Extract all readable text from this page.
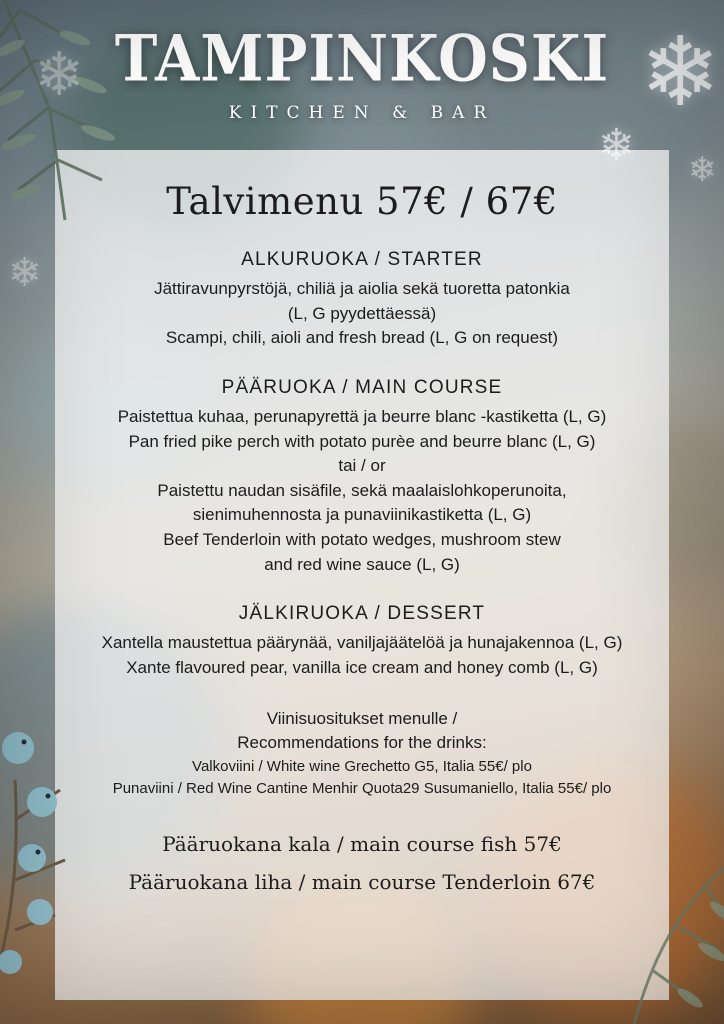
❄
❄ ❄
❄
❄ TAMPINKOSKI
KITCHEN & BAR
Talvimenu 57€ / 67€
ALKURUOKA / STARTER
Jättiravunpyrstöjä, chiliä ja aiolia sekä tuoretta patonkia
(L, G pyydettäessä)
Scampi, chili, aioli and fresh bread (L, G on request)
PÄÄRUOKA / MAIN COURSE
Paistettua kuhaa, perunapyrettä ja beurre blanc -kastiketta (L, G)
Pan fried pike perch with potato purèe and beurre blanc (L, G)
tai / or
Paistettu naudan sisäfile, sekä maalaislohkoperunoita,
sienimuhennosta ja punaviinikastiketta (L, G)
Beef Tenderloin with potato wedges, mushroom stew
and red wine sauce (L, G)
JÄLKIRUOKA / DESSERT
Xantella maustettua päärynää, vaniljajäätelöä ja hunajakennoa (L, G)
Xante flavoured pear, vanilla ice cream and honey comb (L, G)
Viinisuositukset menulle /
Recommendations for the drinks:
Valkoviini / White wine Grechetto G5, Italia 55€/ plo
Punaviini / Red Wine Cantine Menhir Quota29 Susumaniello, Italia 55€/ plo
Pääruokana kala / main course fish 57€
Pääruokana liha / main course Tenderloin 67€
